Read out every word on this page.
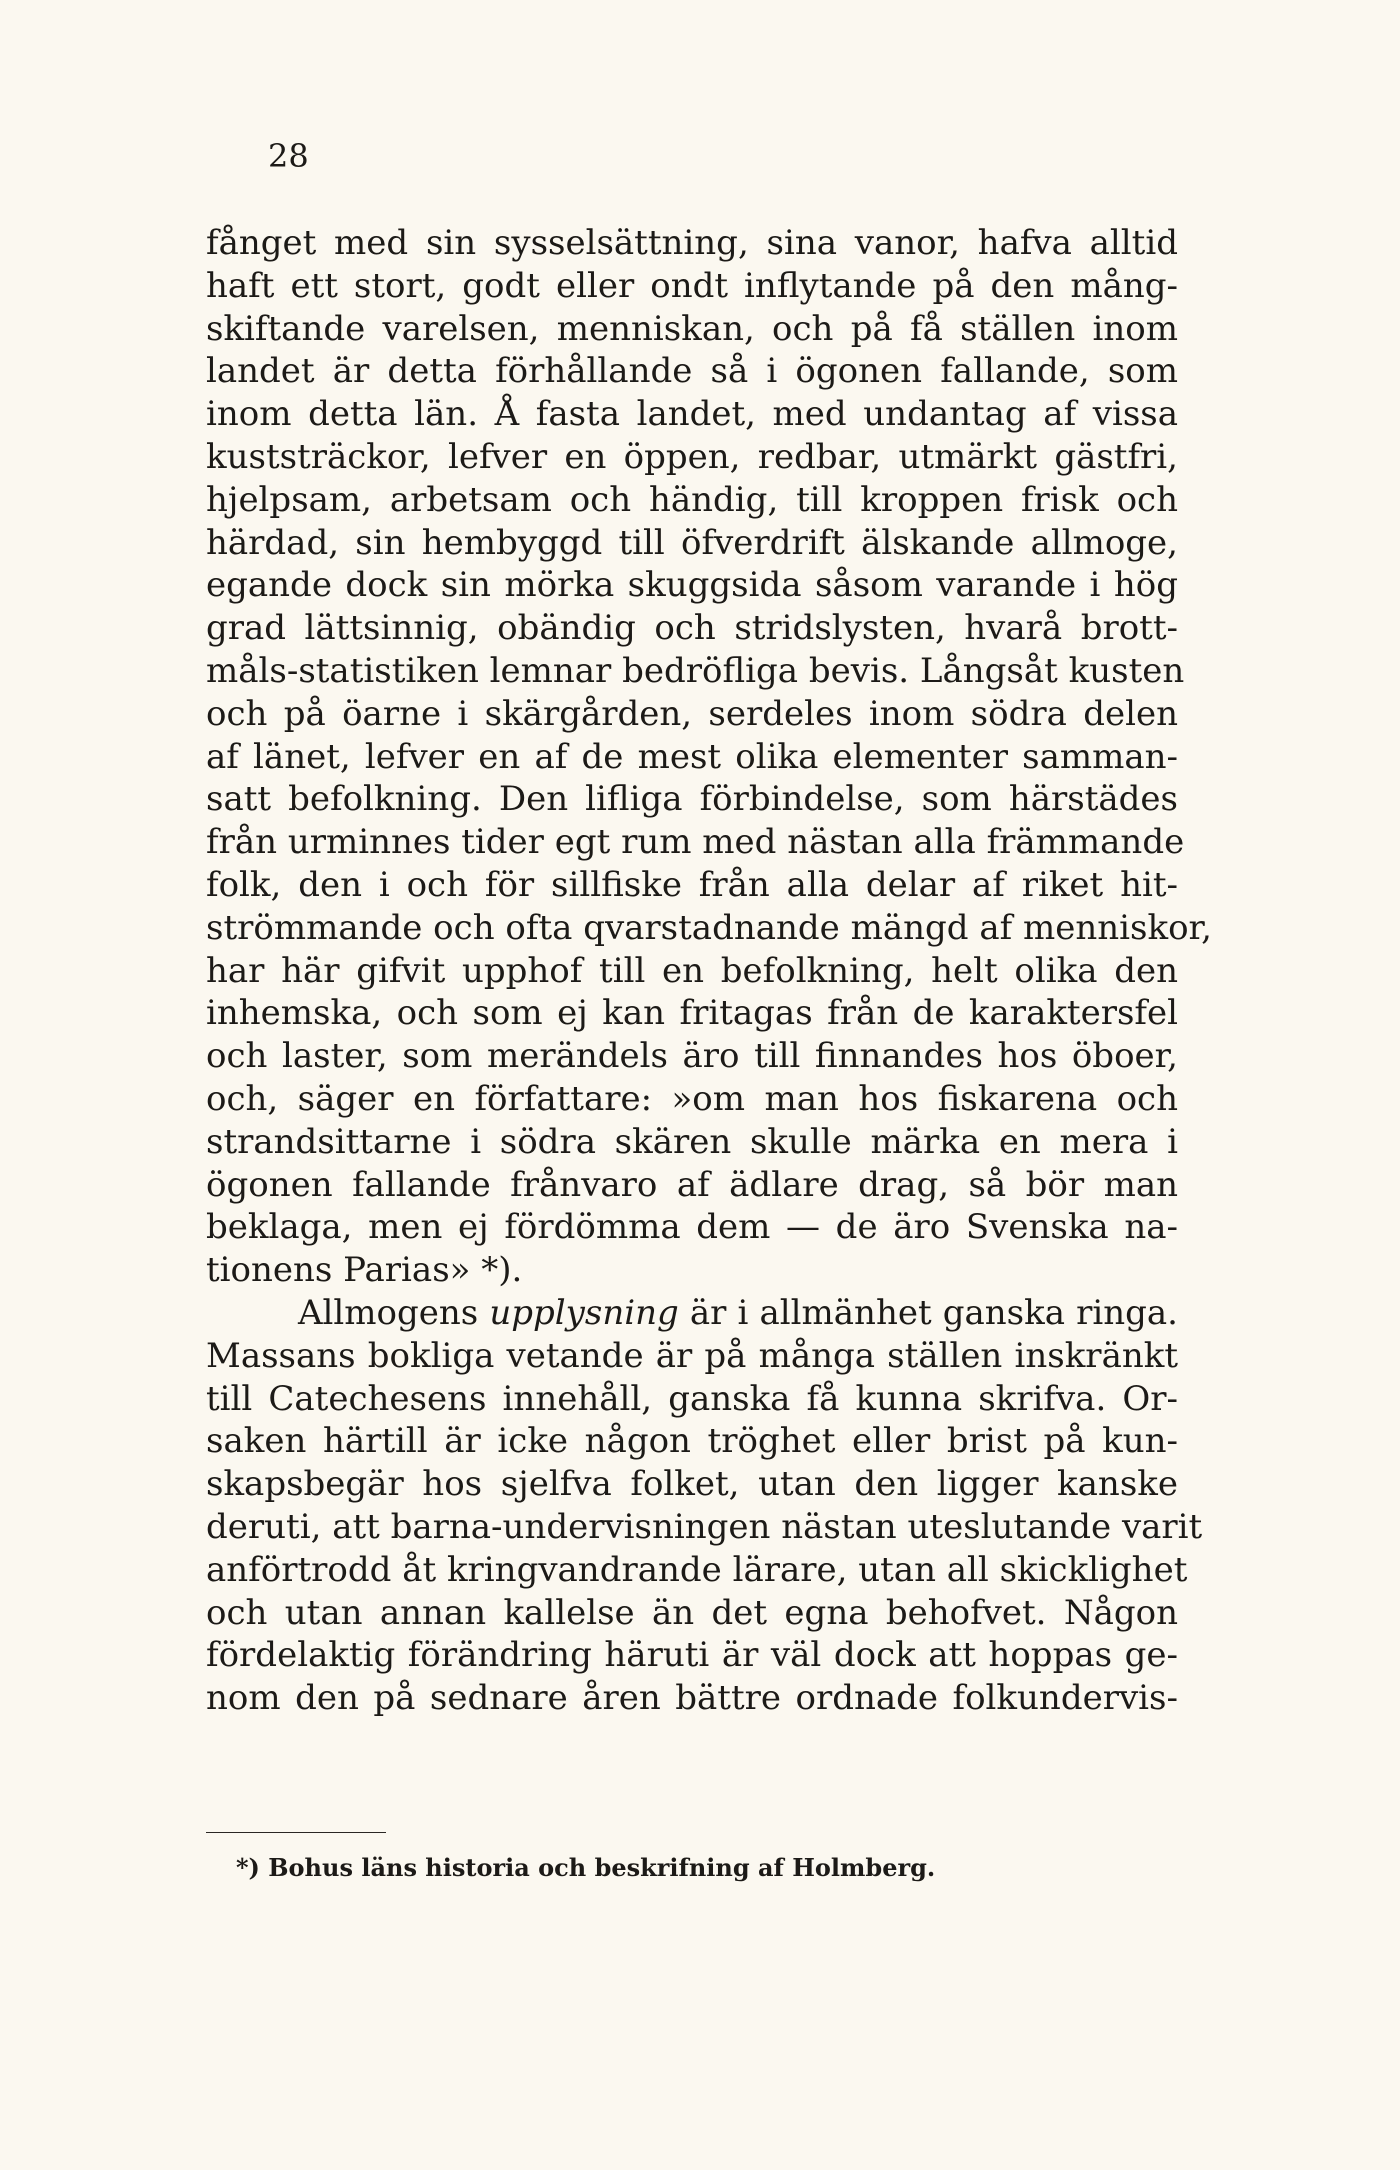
28
fånget med sin sysselsättning, sina vanor, hafva alltid
haft ett stort, godt eller ondt inflytande på den mång-
skiftande varelsen, menniskan, och på få ställen inom
landet är detta förhållande så i ögonen fallande, som
inom detta län. Å fasta landet, med undantag af vissa
kuststräckor, lefver en öppen, redbar, utmärkt gästfri,
hjelpsam, arbetsam och händig, till kroppen frisk och
härdad, sin hembyggd till öfverdrift älskande allmoge,
egande dock sin mörka skuggsida såsom varande i hög
grad lättsinnig, obändig och stridslysten, hvarå brott-
måls-statistiken lemnar bedröfliga bevis. Långsåt kusten
och på öarne i skärgården, serdeles inom södra delen
af länet, lefver en af de mest olika elementer samman-
satt befolkning. Den lifliga förbindelse, som härstädes
från urminnes tider egt rum med nästan alla främmande
folk, den i och för sillfiske från alla delar af riket hit-
strömmande och ofta qvarstadnande mängd af menniskor,
har här gifvit upphof till en befolkning, helt olika den
inhemska, och som ej kan fritagas från de karaktersfel
och laster, som merändels äro till finnandes hos öboer,
och, säger en författare: »om man hos fiskarena och
strandsittarne i södra skären skulle märka en mera i
ögonen fallande frånvaro af ädlare drag, så bör man
beklaga, men ej fördömma dem — de äro Svenska na-
tionens Parias» *).
Allmogens upplysning är i allmänhet ganska ringa.
Massans bokliga vetande är på många ställen inskränkt
till Catechesens innehåll, ganska få kunna skrifva. Or-
saken härtill är icke någon tröghet eller brist på kun-
skapsbegär hos sjelfva folket, utan den ligger kanske
deruti, att barna-undervisningen nästan uteslutande varit
anförtrodd åt kringvandrande lärare, utan all skicklighet
och utan annan kallelse än det egna behofvet. Någon
fördelaktig förändring häruti är väl dock att hoppas ge-
nom den på sednare åren bättre ordnade folkundervis-
*) Bohus läns historia och beskrifning af Holmberg.
